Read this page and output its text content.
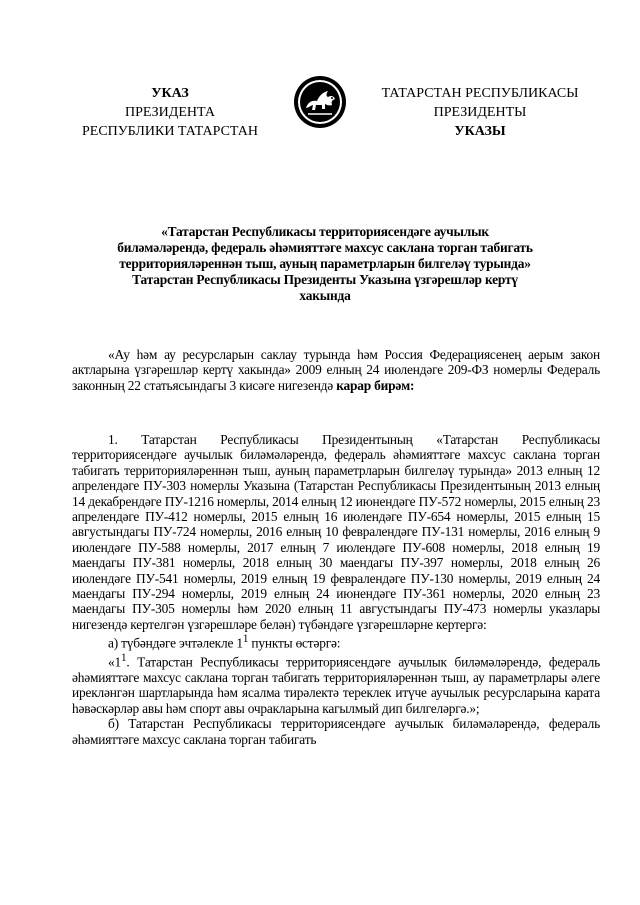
УКАЗ
ПРЕЗИДЕНТА
РЕСПУБЛИКИ ТАТАРСТАН
ТАТАРСТАН РЕСПУБЛИКАСЫ
ПРЕЗИДЕНТЫ
УКАЗЫ
«Татарстан Республикасы территориясендәге аучылык
биләмәләрендә, федераль әһәмияттәге махсус саклана торган табигать
территорияләреннән тыш, ауның параметрларын билгеләү турында»
Татарстан Республикасы Президенты Указына үзгәрешләр кертү
хакында
«Ау һәм ау ресурсларын саклау турында һәм Россия Федерациясенең аерым закон актларына үзгәрешләр кертү хакында» 2009 елның 24 июлендәге 209-ФЗ номерлы Федераль законның 22 статьясындагы 3 кисәге нигезендә карар бирәм:
1. Татарстан Республикасы Президентының «Татарстан Республикасы территориясендәге аучылык биләмәләрендә, федераль әһәмияттәге махсус саклана торган табигать территорияләреннән тыш, ауның параметрларын билгеләү турында» 2013 елның 12 апрелендәге ПУ-303 номерлы Указына (Татарстан Республикасы Президентының 2013 елның 14 декабрендәге ПУ-1216 номерлы, 2014 елның 12 июнендәге ПУ-572 номерлы, 2015 елның 23 апрелендәге ПУ-412 номерлы, 2015 елның 16 июлендәге ПУ-654 номерлы, 2015 елның 15 августындагы ПУ-724 номерлы, 2016 елның 10 февралендәге ПУ-131 номерлы, 2016 елның 9 июлендәге ПУ-588 номерлы, 2017 елның 7 июлендәге ПУ-608 номерлы, 2018 елның 19 маендагы ПУ-381 номерлы, 2018 елның 30 маендагы ПУ-397 номерлы, 2018 елның 26 июлендәге ПУ-541 номерлы, 2019 елның 19 февралендәге ПУ-130 номерлы, 2019 елның 24 маендагы ПУ-294 номерлы, 2019 елның 24 июнендәге ПУ-361 номерлы, 2020 елның 23 маендагы ПУ-305 номерлы һәм 2020 елның 11 августындагы ПУ-473 номерлы указлары нигезендә кертелгән үзгәрешләре белән) түбәндәге үзгәрешләрне кертергә:
а) түбәндәге эчтәлекле $1^1$ пункты өстәргә:
«$1^1$. Татарстан Республикасы территориясендәге аучылык биләмәләрендә, федераль әһәмияттәге махсус саклана торган табигать территорияләреннән тыш, ау параметрлары әлеге ирекләнгән шартларында һәм ясалма тирәлектә тереклек итүче аучылык ресурсларына карата һәвәскәрләр авы һәм спорт авы очракларына кагылмый дип билгеләргә.»;
б) Татарстан Республикасы территориясендәге аучылык биләмәләрендә, федераль әһәмияттәге махсус саклана торган табигать
